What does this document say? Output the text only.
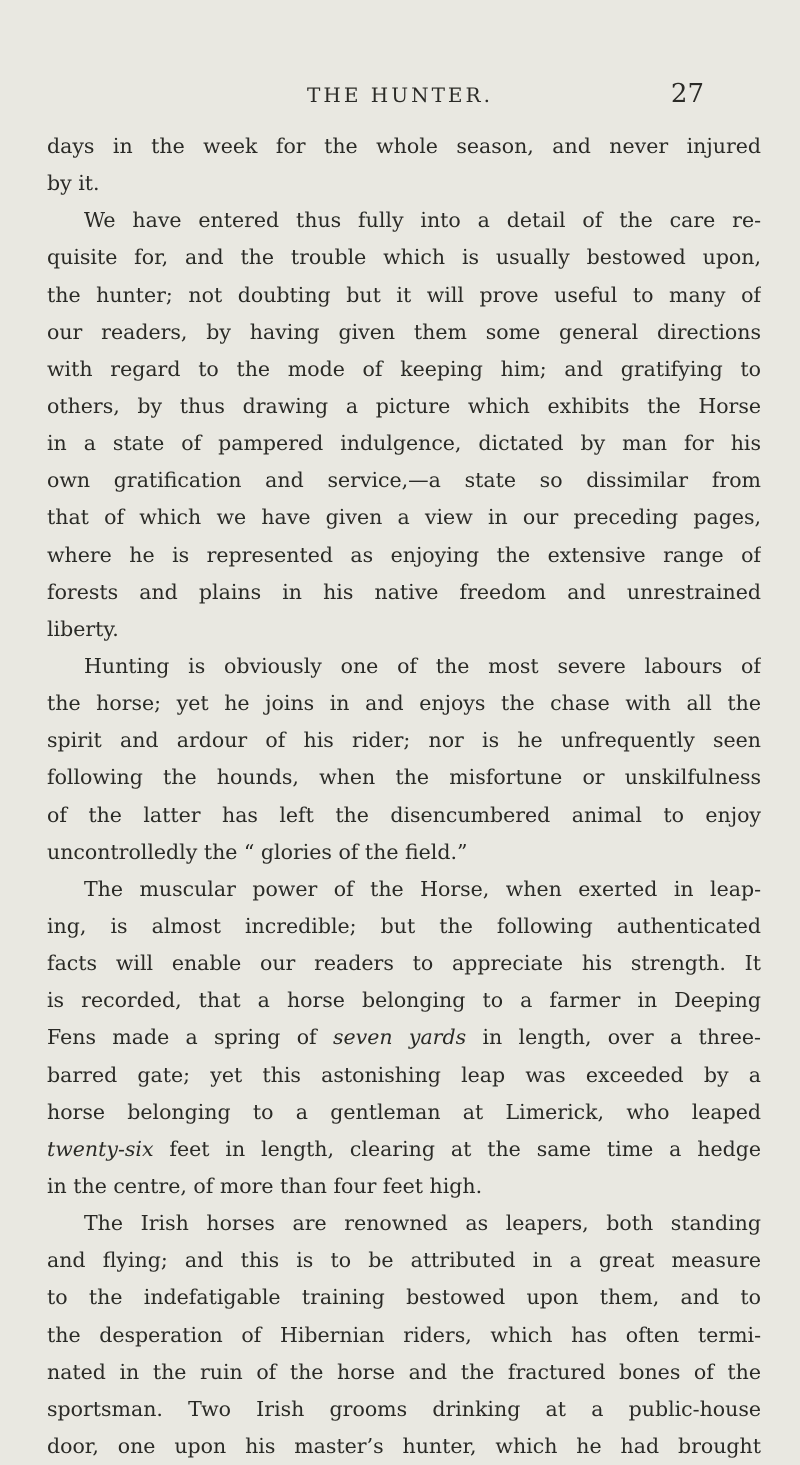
THE HUNTER.	27
days in the week for the whole season, and never injured
by it.
We have entered thus fully into a detail of the care re-
quisite for, and the trouble which is usually bestowed upon,
the hunter; not doubting but it will prove useful to many of
our readers, by having given them some general directions
with regard to the mode of keeping him; and gratifying to
others, by thus drawing a picture which exhibits the Horse
in a state of pampered indulgence, dictated by man for his
own gratification and service,—a state so dissimilar from
that of which we have given a view in our preceding pages,
where he is represented as enjoying the extensive range of
forests and plains in his native freedom and unrestrained
liberty.
Hunting is obviously one of the most severe labours of
the horse; yet he joins in and enjoys the chase with all the
spirit and ardour of his rider; nor is he unfrequently seen
following the hounds, when the misfortune or unskilfulness
of the latter has left the disencumbered animal to enjoy
uncontrolledly the “ glories of the field.”
The muscular power of the Horse, when exerted in leap-
ing, is almost incredible; but the following authenticated
facts will enable our readers to appreciate his strength. It
is recorded, that a horse belonging to a farmer in Deeping
Fens made a spring of seven yards in length, over a three-
barred gate; yet this astonishing leap was exceeded by a
horse belonging to a gentleman at Limerick, who leaped
twenty-six feet in length, clearing at the same time a hedge
in the centre, of more than four feet high.
The Irish horses are renowned as leapers, both standing
and flying; and this is to be attributed in a great measure
to the indefatigable training bestowed upon them, and to
the desperation of Hibernian riders, which has often termi-
nated in the ruin of the horse and the fractured bones of the
sportsman. Two Irish grooms drinking at a public-house
door, one upon his master’s hunter, which he had brought
